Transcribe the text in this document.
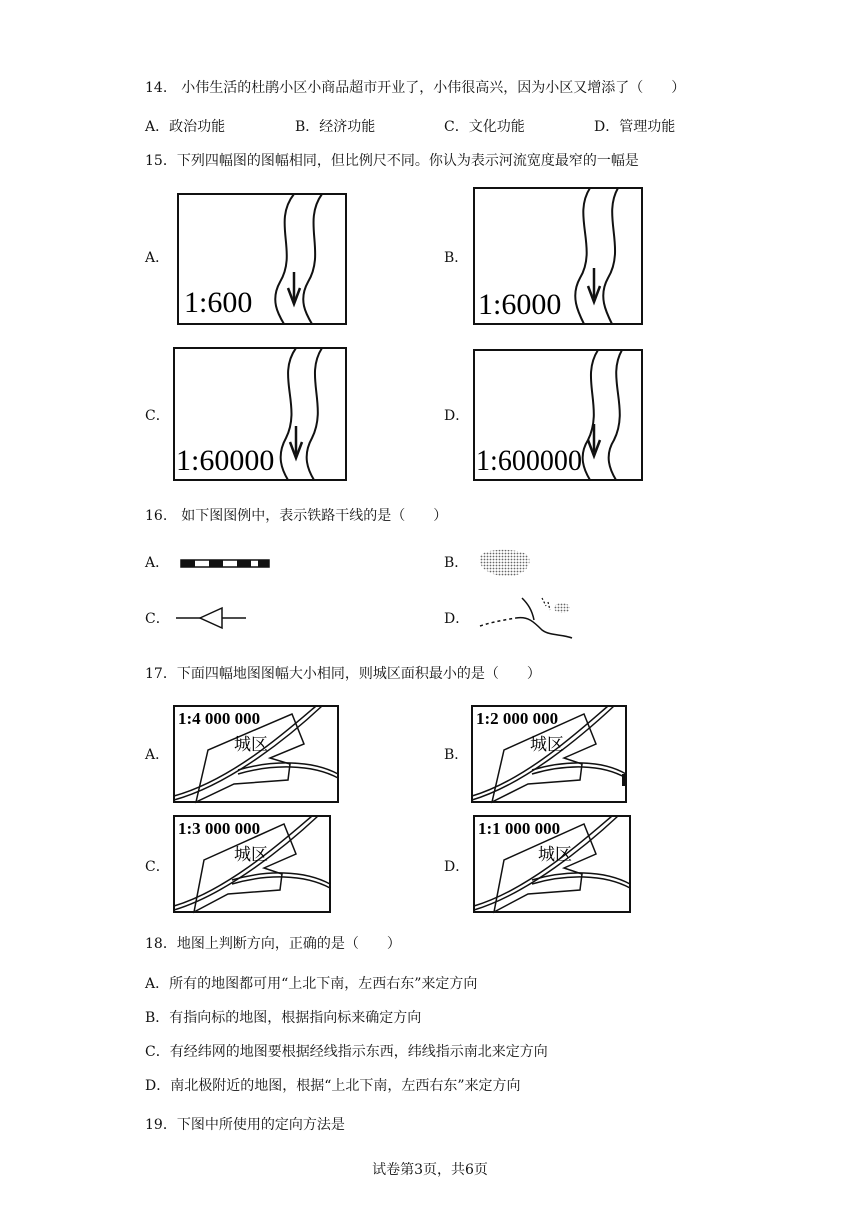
14.　小伟生活的杜鹃小区小商品超市开业了，小伟很高兴，因为小区又增添了（　　）
A．政治功能	B．经济功能	C．文化功能	D．管理功能
15．下列四幅图的图幅相同，但比例尺不同。你认为表示河流宽度最窄的一幅是
A．
1:600
B．
1:6000
C．
1:60000
D．
1:600000
16.　如下图图例中，表示铁路干线的是（　　）
A．	B．
C．	D．
17．下面四幅地图图幅大小相同，则城区面积最小的是（　　）
A．
1:4 000 000
城区
B．
1:2 000 000
城区
C．
1:3 000 000
城区
D．
1:1 000 000
城区
18．地图上判断方向，正确的是（　　）
A．所有的地图都可用“上北下南，左西右东”来定方向
B．有指向标的地图，根据指向标来确定方向
C．有经纬网的地图要根据经线指示东西，纬线指示南北来定方向
D．南北极附近的地图，根据“上北下南，左西右东”来定方向
19．下图中所使用的定向方法是
试卷第3页，共6页
